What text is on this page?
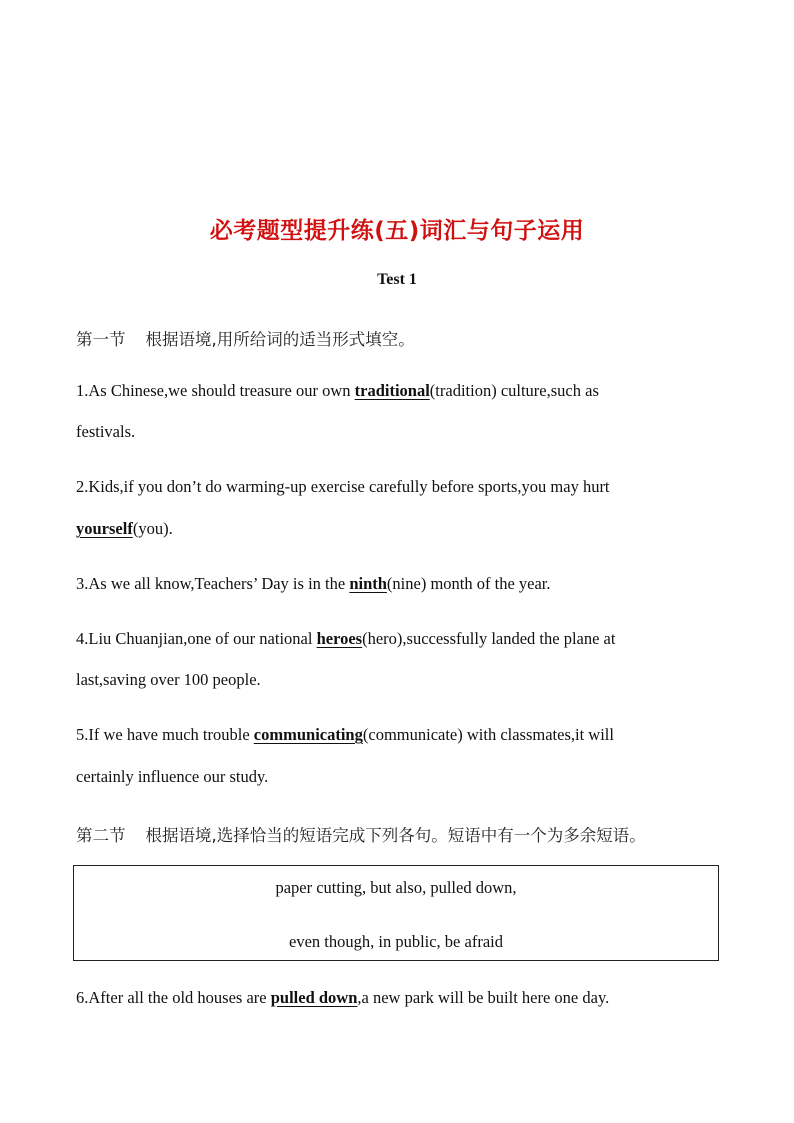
必考题型提升练(五)词汇与句子运用
Test 1
第一节 根据语境,用所给词的适当形式填空。
1.As Chinese,we should treasure our own traditional(tradition) culture,such as
festivals.
2.Kids,if you don’t do warming-up exercise carefully before sports,you may hurt
yourself(you).
3.As we all know,Teachers’ Day is in the ninth(nine) month of the year.
4.Liu Chuanjian,one of our national heroes(hero),successfully landed the plane at
last,saving over 100 people.
5.If we have much trouble communicating(communicate) with classmates,it will
certainly influence our study.
第二节 根据语境,选择恰当的短语完成下列各句。短语中有一个为多余短语。
paper cutting, but also, pulled down,
even though, in public, be afraid
6.After all the old houses are pulled down,a new park will be built here one day.
